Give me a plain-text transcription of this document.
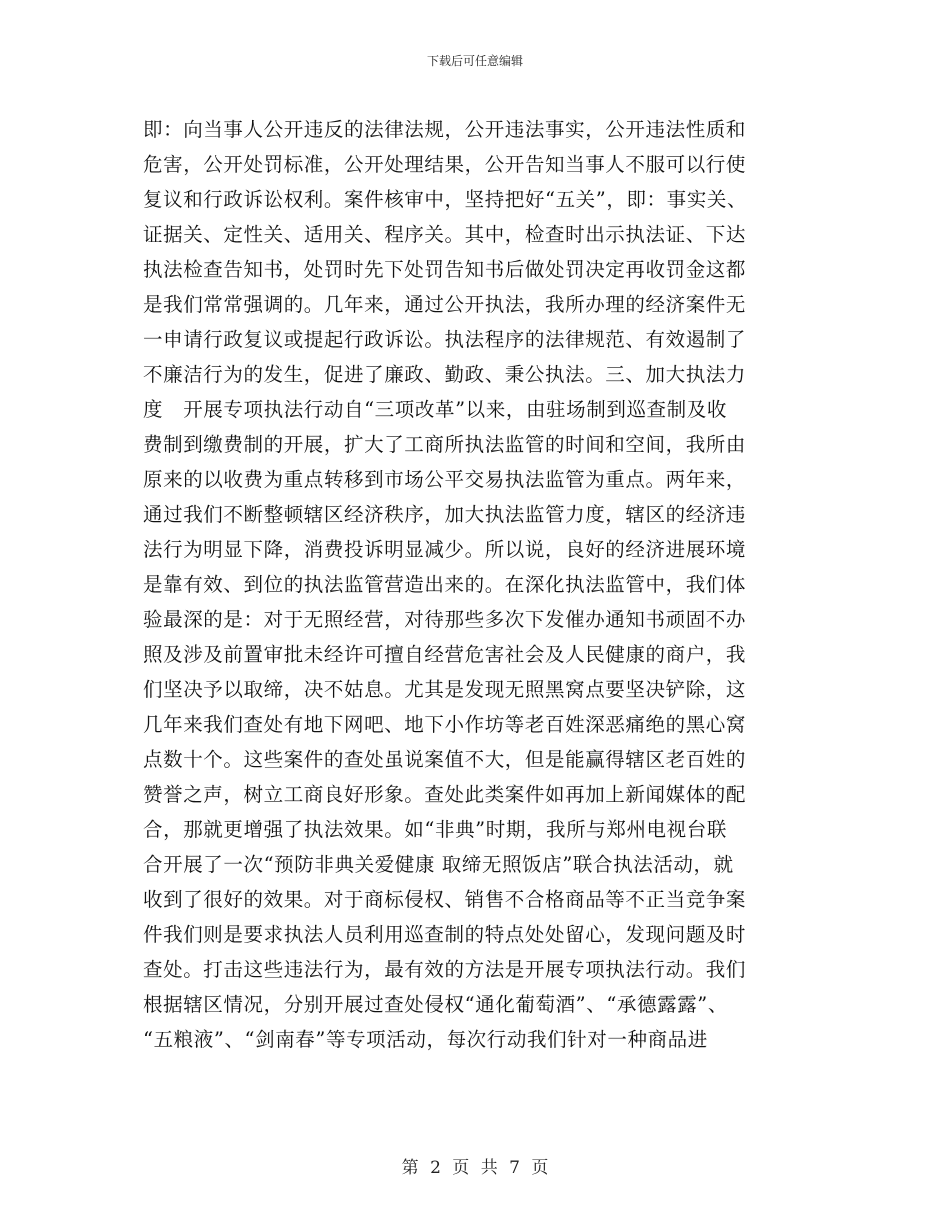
下载后可任意编辑
即：向当事人公开违反的法律法规，公开违法事实，公开违法性质和
危害，公开处罚标准，公开处理结果，公开告知当事人不服可以行使
复议和行政诉讼权利。案件核审中，坚持把好“五关”，即：事实关、
证据关、定性关、适用关、程序关。其中，检查时出示执法证、下达
执法检查告知书，处罚时先下处罚告知书后做处罚决定再收罚金这都
是我们常常强调的。几年来，通过公开执法，我所办理的经济案件无
一申请行政复议或提起行政诉讼。执法程序的法律规范、有效遏制了
不廉洁行为的发生，促进了廉政、勤政、秉公执法。三、加大执法力
度　开展专项执法行动自“三项改革”以来，由驻场制到巡查制及收
费制到缴费制的开展，扩大了工商所执法监管的时间和空间，我所由
原来的以收费为重点转移到市场公平交易执法监管为重点。两年来，
通过我们不断整顿辖区经济秩序，加大执法监管力度，辖区的经济违
法行为明显下降，消费投诉明显减少。所以说，良好的经济进展环境
是靠有效、到位的执法监管营造出来的。在深化执法监管中，我们体
验最深的是：对于无照经营，对待那些多次下发催办通知书顽固不办
照及涉及前置审批未经许可擅自经营危害社会及人民健康的商户，我
们坚决予以取缔，决不姑息。尤其是发现无照黑窝点要坚决铲除，这
几年来我们查处有地下网吧、地下小作坊等老百姓深恶痛绝的黑心窝
点数十个。这些案件的查处虽说案值不大，但是能赢得辖区老百姓的
赞誉之声，树立工商良好形象。查处此类案件如再加上新闻媒体的配
合，那就更增强了执法效果。如“非典”时期，我所与郑州电视台联
合开展了一次“预防非典关爱健康 取缔无照饭店”联合执法活动，就
收到了很好的效果。对于商标侵权、销售不合格商品等不正当竞争案
件我们则是要求执法人员利用巡查制的特点处处留心，发现问题及时
查处。打击这些违法行为，最有效的方法是开展专项执法行动。我们
根据辖区情况，分别开展过查处侵权“通化葡萄酒”、“承德露露”、
“五粮液”、“剑南春”等专项活动，每次行动我们针对一种商品进
第 2 页 共 7 页
